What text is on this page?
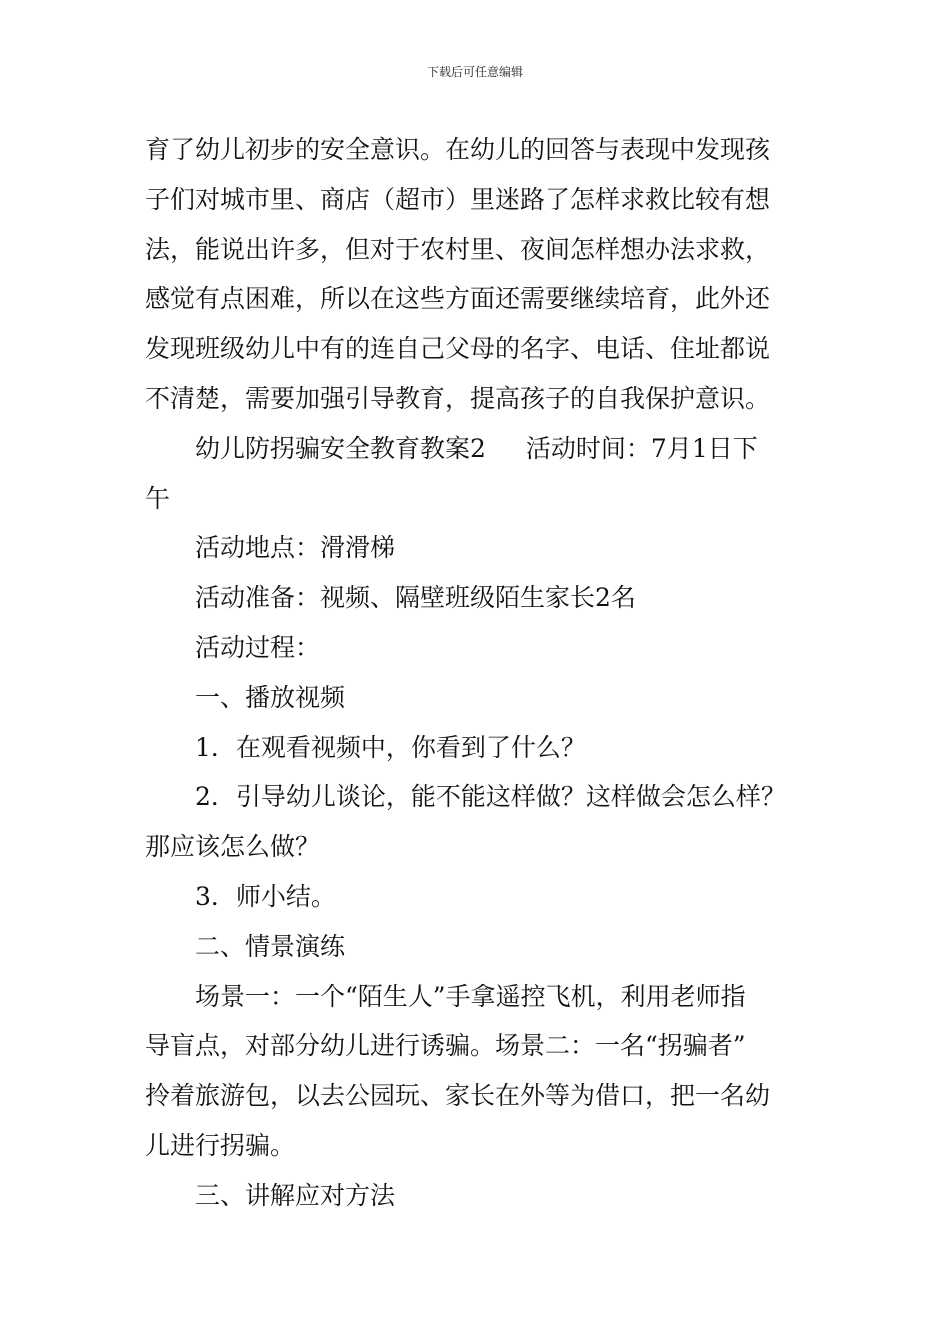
下载后可任意编辑
育了幼儿初步的安全意识。在幼儿的回答与表现中发现孩
子们对城市里、商店（超市）里迷路了怎样求救比较有想
法，能说出许多，但对于农村里、夜间怎样想办法求救，
感觉有点困难，所以在这些方面还需要继续培育，此外还
发现班级幼儿中有的连自己父母的名字、电话、住址都说
不清楚，需要加强引导教育，提高孩子的自我保护意识。
幼儿防拐骗安全教育教案2 活动时间：7月1日下
午
活动地点：滑滑梯
活动准备：视频、隔壁班级陌生家长2名
活动过程：
一、播放视频
1．在观看视频中，你看到了什么？
2．引导幼儿谈论，能不能这样做？这样做会怎么样？
那应该怎么做？
3．师小结。
二、情景演练
场景一：一个“陌生人”手拿遥控飞机，利用老师指
导盲点，对部分幼儿进行诱骗。场景二：一名“拐骗者”
拎着旅游包，以去公园玩、家长在外等为借口，把一名幼
儿进行拐骗。
三、讲解应对方法
